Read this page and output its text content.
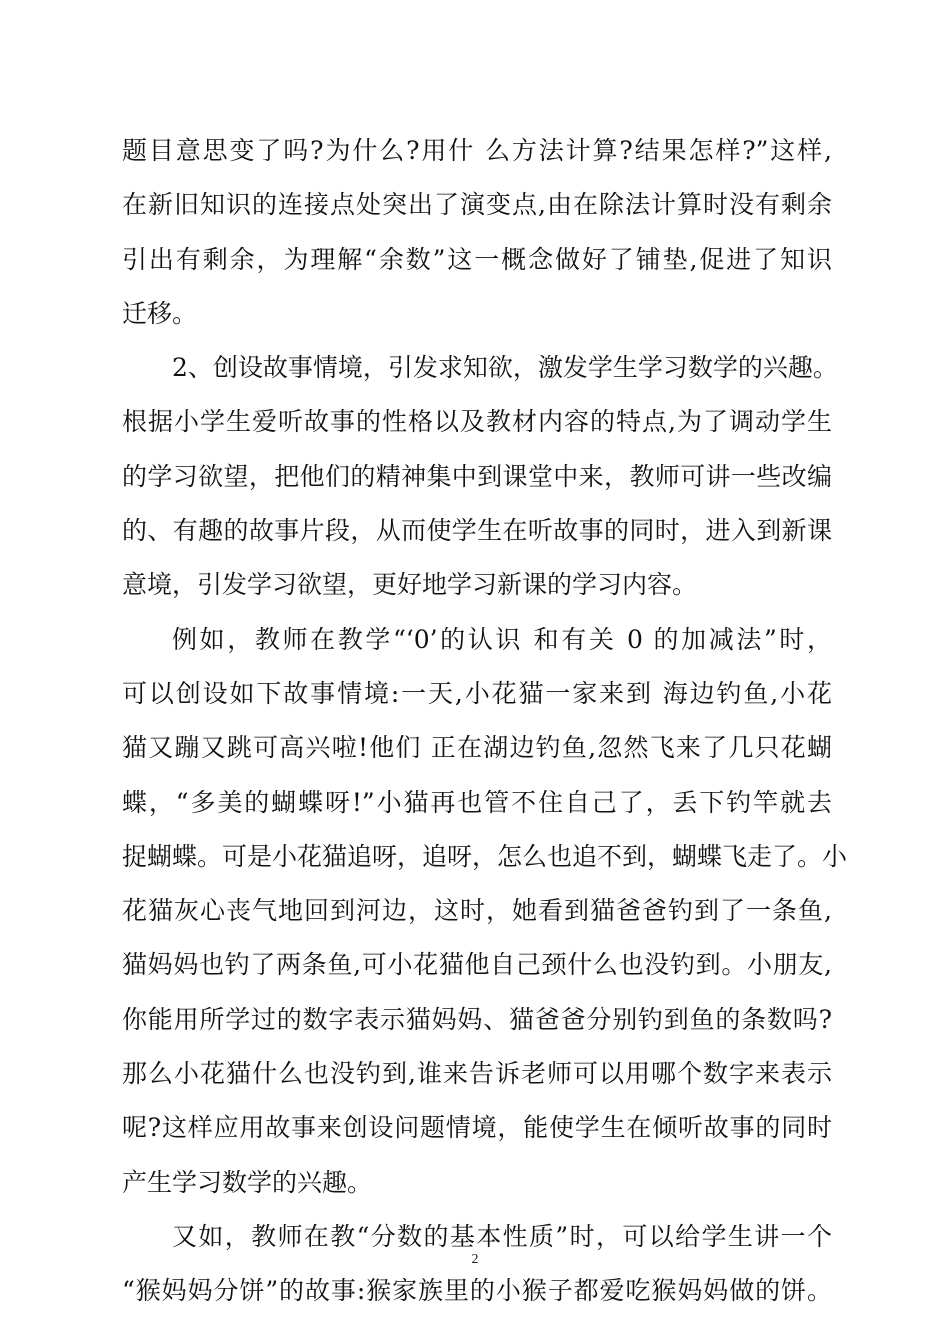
题目意思变了吗?为什么?用什 么方法计算?结果怎样?”这样,
在新旧知识的连接点处突出了演变点,由在除法计算时没有剩余
引出有剩余，为理解“余数”这一概念做好了铺垫,促进了知识
迁移。
2、创设故事情境，引发求知欲，激发学生学习数学的兴趣。
根据小学生爱听故事的性格以及教材内容的特点,为了调动学生
的学习欲望，把他们的精神集中到课堂中来，教师可讲一些改编
的、有趣的故事片段，从而使学生在听故事的同时，进入到新课
意境，引发学习欲望，更好地学习新课的学习内容。
例如，教师在教学“‘0’的认识 和有关 0 的加减法”时，
可以创设如下故事情境:一天,小花猫一家来到 海边钓鱼,小花
猫又蹦又跳可高兴啦!他们 正在湖边钓鱼,忽然飞来了几只花蝴
蝶，“多美的蝴蝶呀!”小猫再也管不住自己了，丢下钓竿就去
捉蝴蝶。可是小花猫追呀，追呀，怎么也追不到，蝴蝶飞走了。小
花猫灰心丧气地回到河边，这时，她看到猫爸爸钓到了一条鱼,
猫妈妈也钓了两条鱼,可小花猫他自己颈什么也没钓到。小朋友,
你能用所学过的数字表示猫妈妈、猫爸爸分别钓到鱼的条数吗?
那么小花猫什么也没钓到,谁来告诉老师可以用哪个数字来表示
呢?这样应用故事来创设问题情境，能使学生在倾听故事的同时
产生学习数学的兴趣。
又如，教师在教“分数的基本性质”时，可以给学生讲一个
“猴妈妈分饼”的故事:猴家族里的小猴子都爱吃猴妈妈做的饼。
2
